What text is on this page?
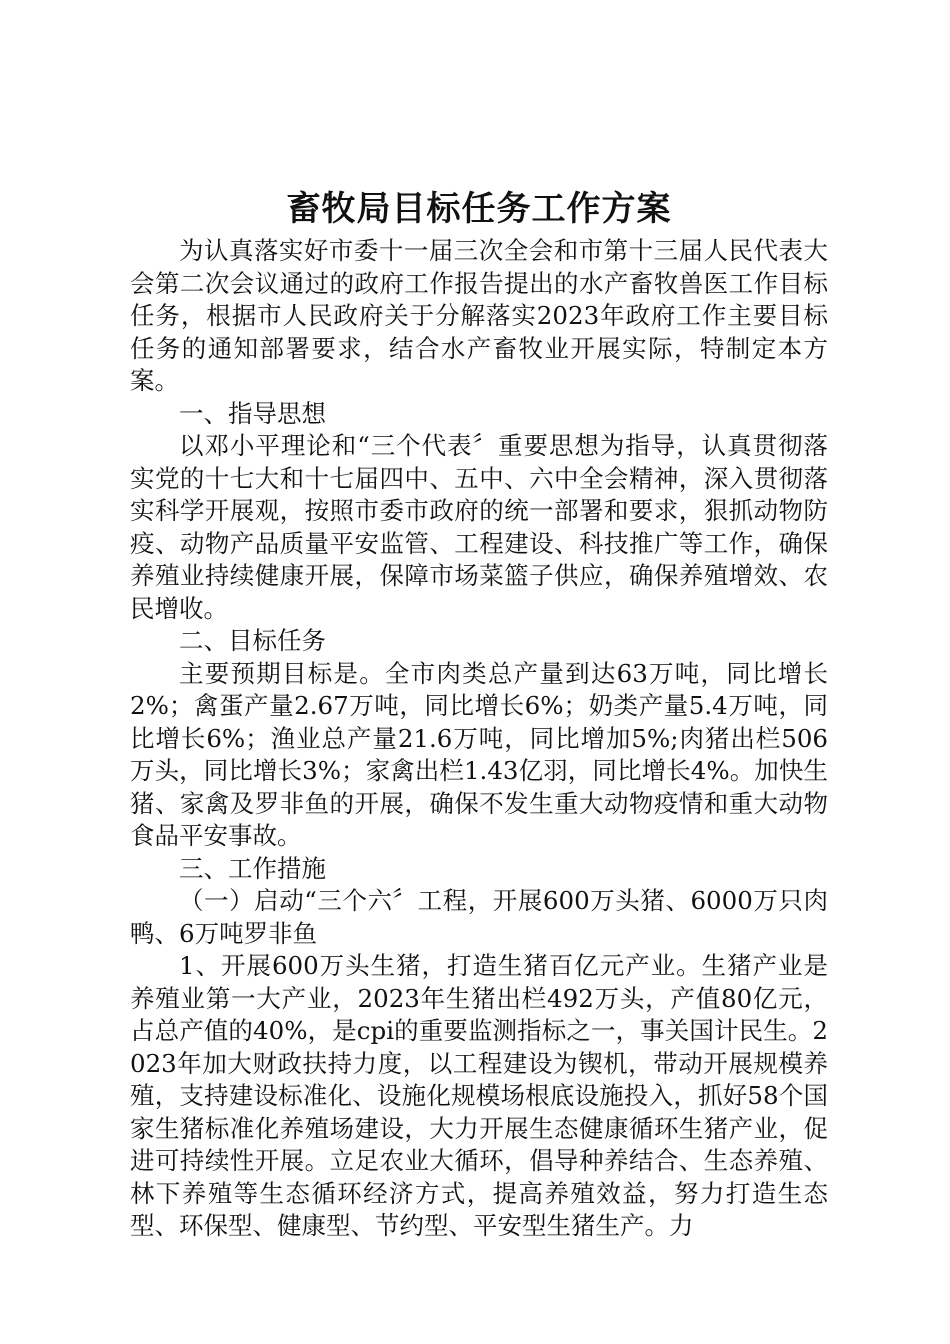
畜牧局目标任务工作方案

为认真落实好市委十一届三次全会和市第十三届人民代表大会第二次会议通过的政府工作报告提出的水产畜牧兽医工作目标任务，根据市人民政府关于分解落实2023年政府工作主要目标任务的通知部署要求，结合水产畜牧业开展实际，特制定本方案。

一、指导思想

以邓小平理论和“三个代表〞重要思想为指导，认真贯彻落实党的十七大和十七届四中、五中、六中全会精神，深入贯彻落实科学开展观，按照市委市政府的统一部署和要求，狠抓动物防疫、动物产品质量平安监管、工程建设、科技推广等工作，确保养殖业持续健康开展，保障市场菜篮子供应，确保养殖增效、农民增收。

二、目标任务

主要预期目标是。全市肉类总产量到达63万吨，同比增长2%；禽蛋产量2.67万吨，同比增长6%；奶类产量5.4万吨，同比增长6%；渔业总产量21.6万吨，同比增加5%;肉猪出栏506万头，同比增长3%；家禽出栏1.43亿羽，同比增长4%。加快生猪、家禽及罗非鱼的开展，确保不发生重大动物疫情和重大动物食品平安事故。

三、工作措施

（一）启动“三个六〞工程，开展600万头猪、6000万只肉鸭、6万吨罗非鱼

1、开展600万头生猪，打造生猪百亿元产业。生猪产业是养殖业第一大产业，2023年生猪出栏492万头，产值80亿元，占总产值的40%，是cpi的重要监测指标之一，事关国计民生。2023年加大财政扶持力度，以工程建设为锲机，带动开展规模养殖，支持建设标准化、设施化规模场根底设施投入，抓好58个国家生猪标准化养殖场建设，大力开展生态健康循环生猪产业，促进可持续性开展。立足农业大循环，倡导种养结合、生态养殖、林下养殖等生态循环经济方式，提高养殖效益，努力打造生态型、环保型、健康型、节约型、平安型生猪生产。力
